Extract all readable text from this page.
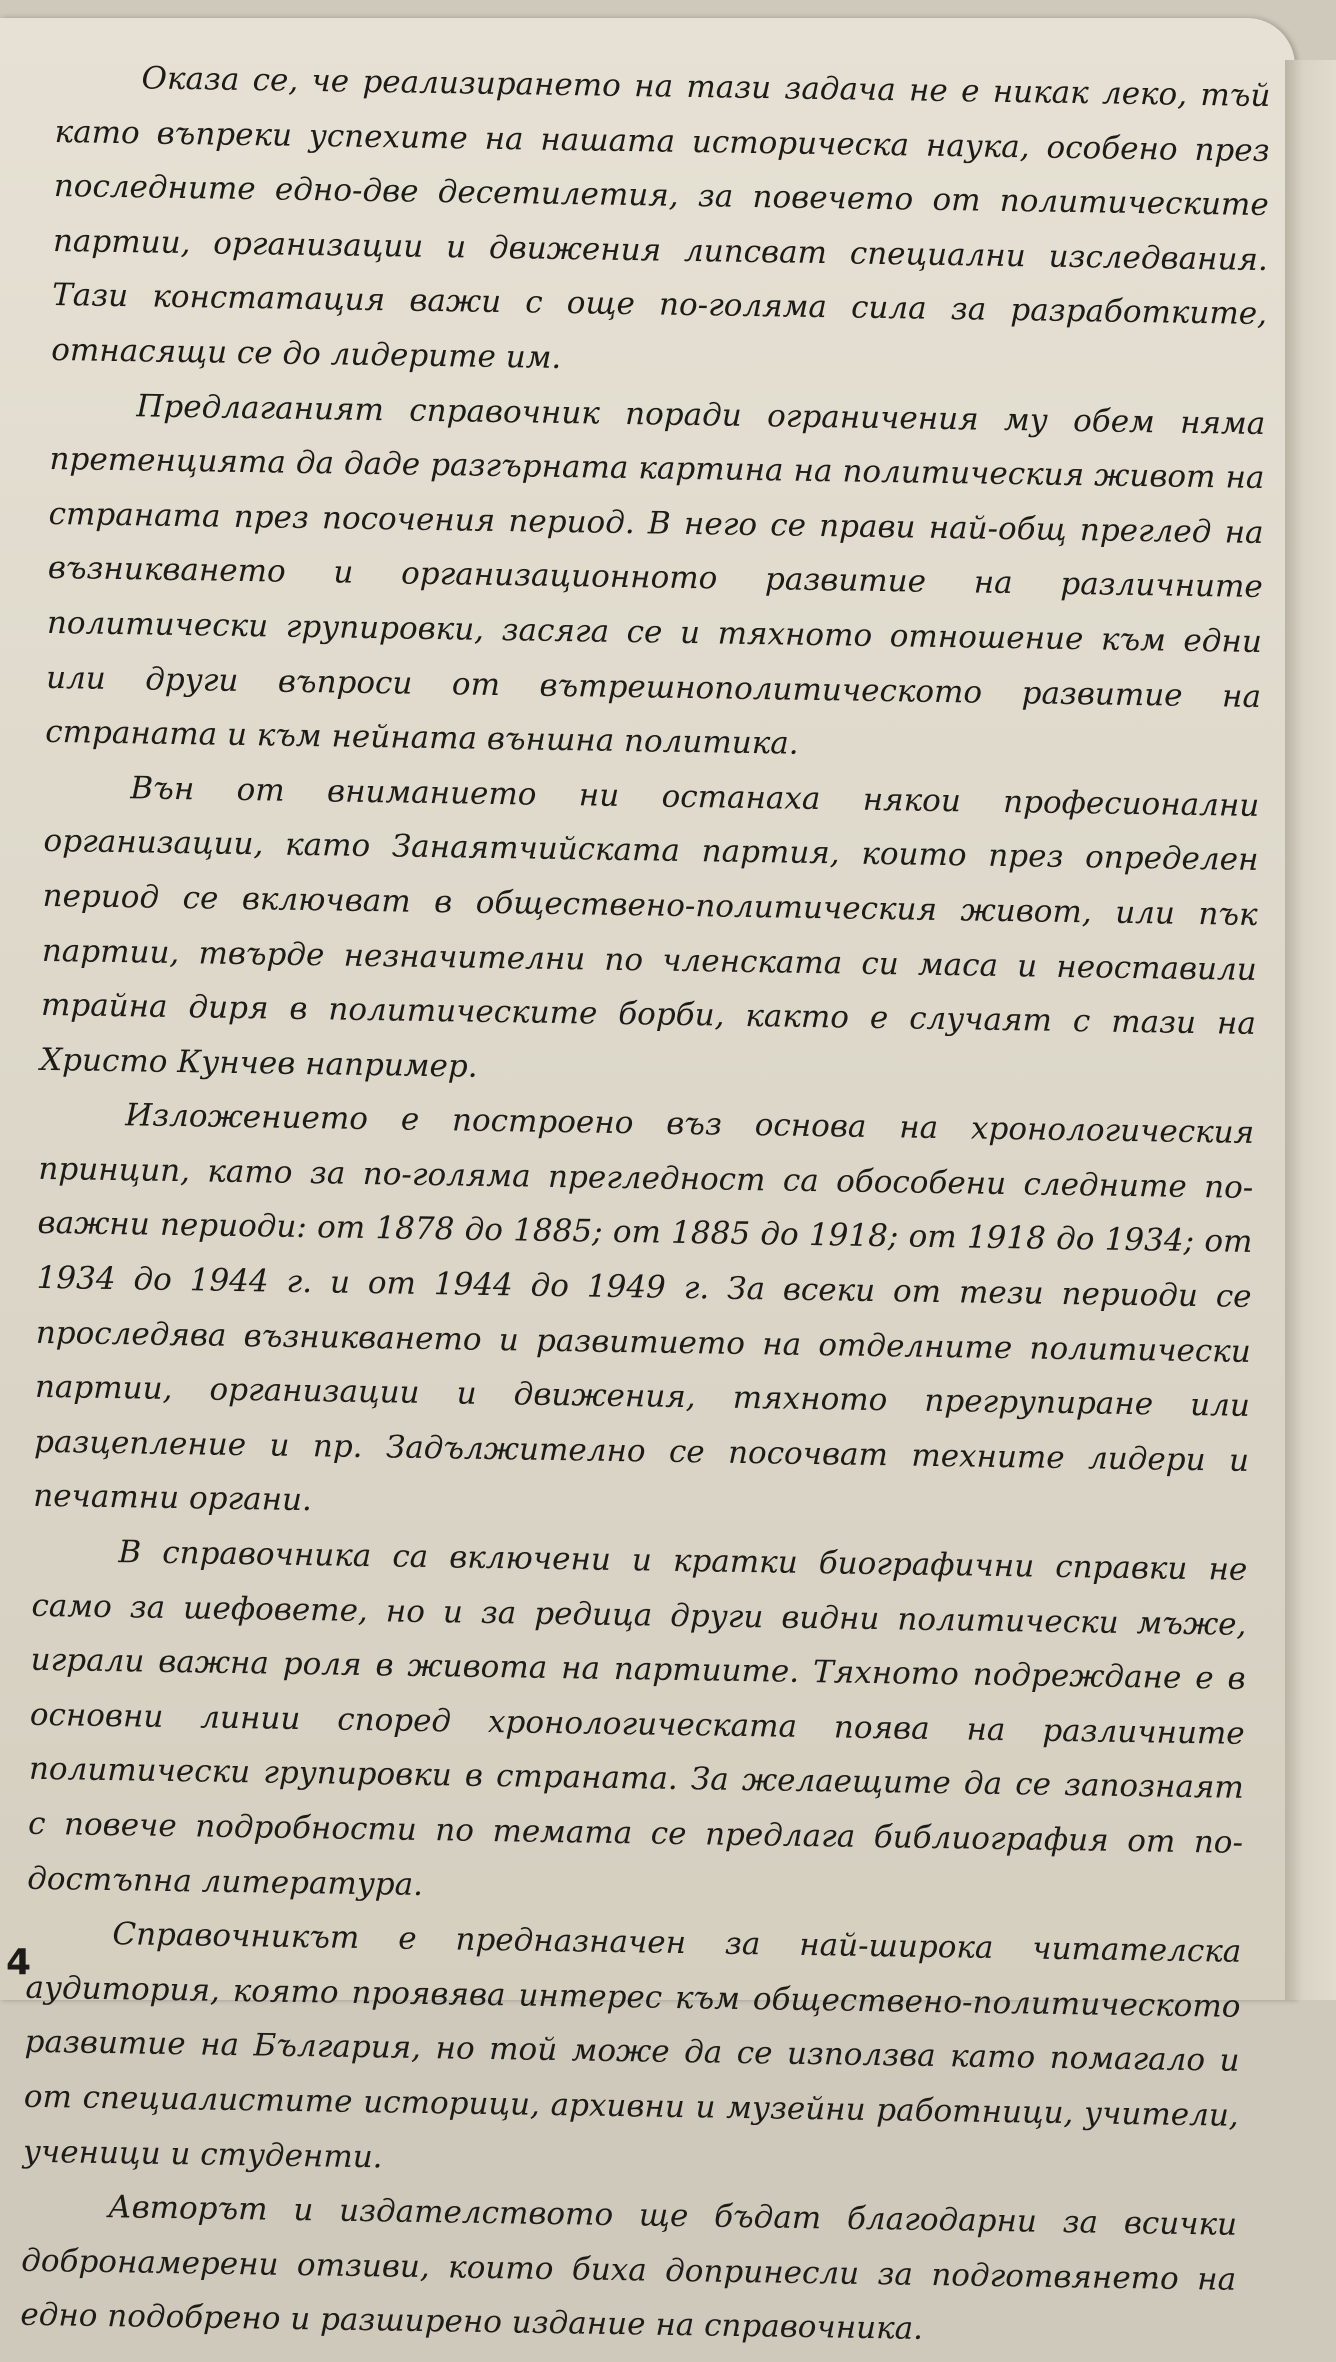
Оказа се, че реализирането на тази задача не е никак леко, тъй като въпреки успехите на нашата историческа наука, особено през последните едно-две десетилетия, за повечето от политическите партии, организации и движения липсват специални изследвания. Тази констатация важи с още по-голяма сила за разработките, отнасящи се до лидерите им.

Предлаганият справочник поради ограничения му обем няма претенцията да даде разгърната картина на политическия живот на страната през посочения период. В него се прави най-общ преглед на възникването и организационното развитие на различните политически групировки, засяга се и тяхното отношение към едни или други въпроси от вътрешнополитическото развитие на страната и към нейната външна политика.

Вън от вниманието ни останаха някои професионални организации, като Занаятчийската партия, които през определен период се включват в обществено-политическия живот, или пък партии, твърде незначителни по членската си маса и неоставили трайна диря в политическите борби, както е случаят с тази на Христо Кунчев например.

Изложението е построено въз основа на хронологическия принцип, като за по-голяма прегледност са обособени следните по-важни периоди: от 1878 до 1885; от 1885 до 1918; от 1918 до 1934; от 1934 до 1944 г. и от 1944 до 1949 г. За всеки от тези периоди се проследява възникването и развитието на отделните политически партии, организации и движения, тяхното прегрупиране или разцепление и пр. Задължително се посочват техните лидери и печатни органи.

В справочника са включени и кратки биографични справки не само за шефовете, но и за редица други видни политически мъже, играли важна роля в живота на партиите. Тяхното подреждане е в основни линии според хронологическата поява на различните политически групировки в страната. За желаещите да се запознаят с повече подробности по темата се предлага библиография от по-достъпна литература.

Справочникът е предназначен за най-широка читателска аудитория, която проявява интерес към обществено-политическото развитие на България, но той може да се използва като помагало и от специалистите историци, архивни и музейни работници, учители, ученици и студенти.

Авторът и издателството ще бъдат благодарни за всички добронамерени отзиви, които биха допринесли за подготвянето на едно подобрено и разширено издание на справочника.

4
